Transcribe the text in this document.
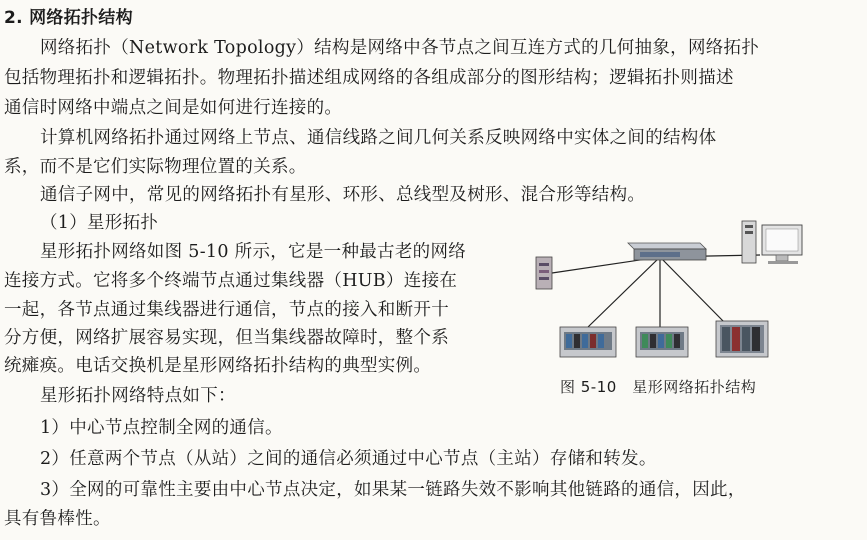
2. 网络拓扑结构
网络拓扑（Network Topology）结构是网络中各节点之间互连方式的几何抽象，网络拓扑
包括物理拓扑和逻辑拓扑。物理拓扑描述组成网络的各组成部分的图形结构；逻辑拓扑则描述
通信时网络中端点之间是如何进行连接的。
计算机网络拓扑通过网络上节点、通信线路之间几何关系反映网络中实体之间的结构体
系，而不是它们实际物理位置的关系。
通信子网中，常见的网络拓扑有星形、环形、总线型及树形、混合形等结构。
（1）星形拓扑
星形拓扑网络如图 5-10 所示，它是一种最古老的网络
连接方式。它将多个终端节点通过集线器（HUB）连接在
一起，各节点通过集线器进行通信，节点的接入和断开十
分方便，网络扩展容易实现，但当集线器故障时，整个系
统瘫痪。电话交换机是星形网络拓扑结构的典型实例。
星形拓扑网络特点如下：
1）中心节点控制全网的通信。
2）任意两个节点（从站）之间的通信必须通过中心节点（主站）存储和转发。
3）全网的可靠性主要由中心节点决定，如果某一链路失效不影响其他链路的通信，因此，
具有鲁棒性。
图 5-10　星形网络拓扑结构
